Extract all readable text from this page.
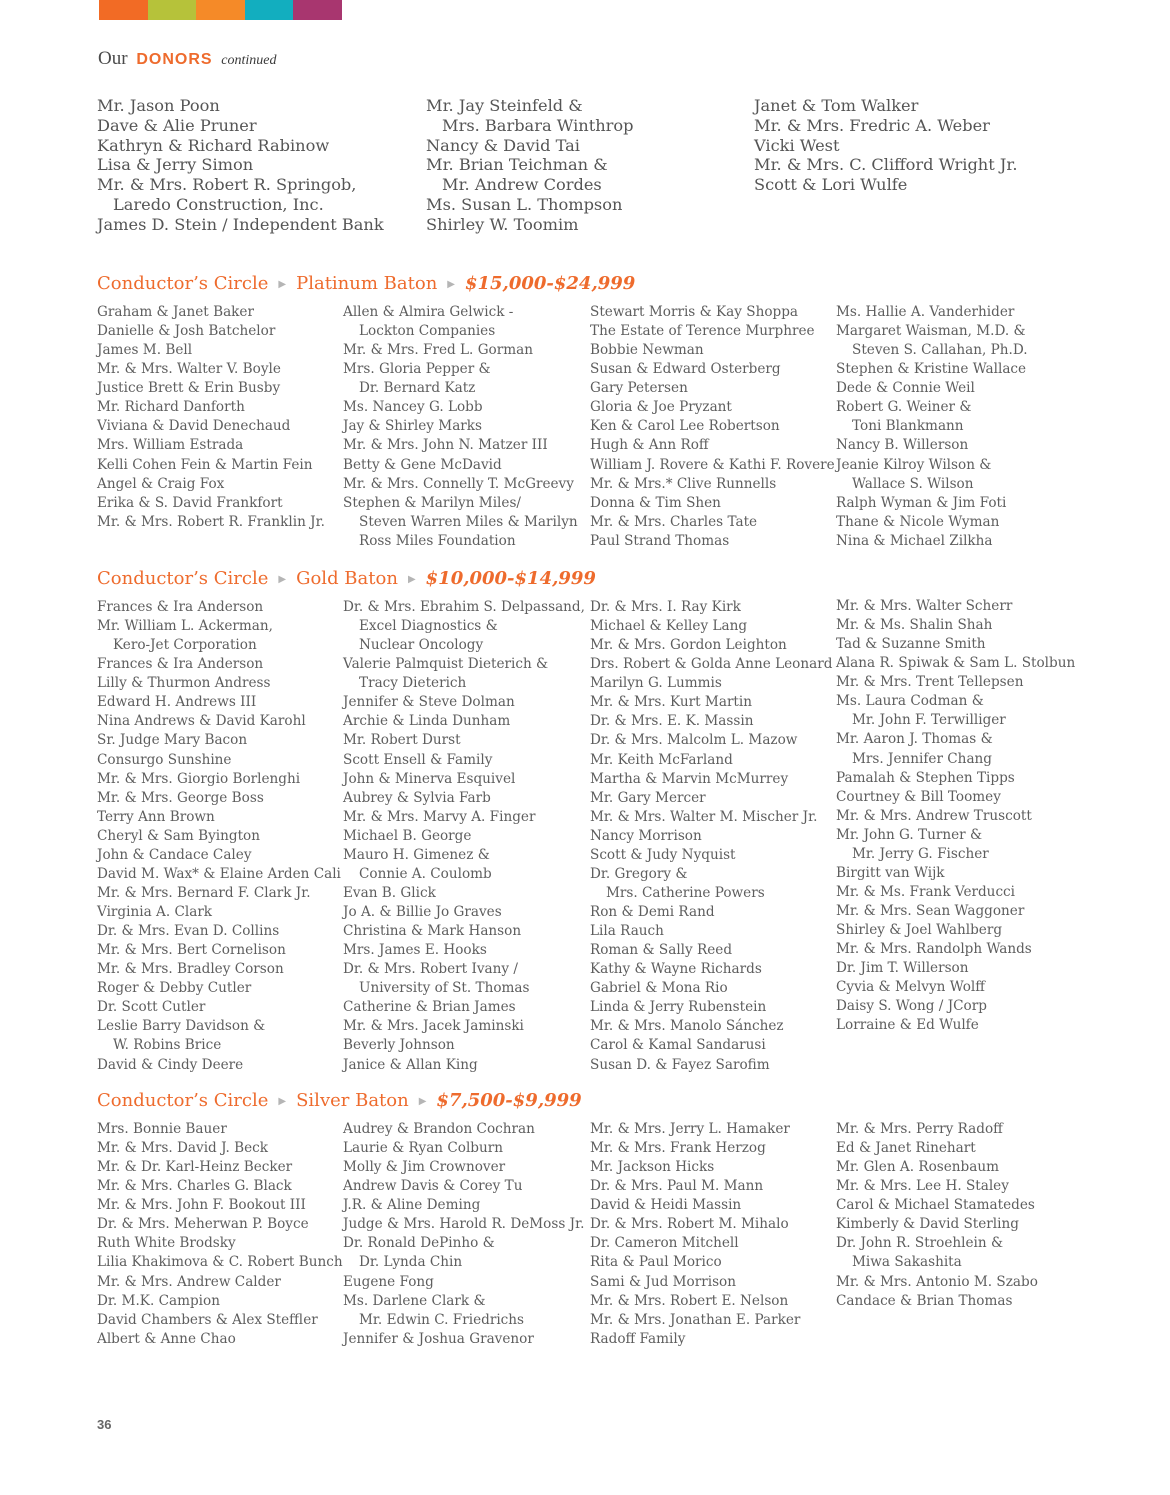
Our DONORS continued
Mr. Jason Poon
Dave & Alie Pruner
Kathryn & Richard Rabinow
Lisa & Jerry Simon
Mr. & Mrs. Robert R. Springob,
Laredo Construction, Inc.
James D. Stein / Independent Bank
Mr. Jay Steinfeld &
Mrs. Barbara Winthrop
Nancy & David Tai
Mr. Brian Teichman &
Mr. Andrew Cordes
Ms. Susan L. Thompson
Shirley W. Toomim
Janet & Tom Walker
Mr. & Mrs. Fredric A. Weber
Vicki West
Mr. & Mrs. C. Clifford Wright Jr.
Scott & Lori Wulfe
Conductor’s Circle ▶ Platinum Baton ▶ $15,000-$24,999
Graham & Janet Baker
Danielle & Josh Batchelor
James M. Bell
Mr. & Mrs. Walter V. Boyle
Justice Brett & Erin Busby
Mr. Richard Danforth
Viviana & David Denechaud
Mrs. William Estrada
Kelli Cohen Fein & Martin Fein
Angel & Craig Fox
Erika & S. David Frankfort
Mr. & Mrs. Robert R. Franklin Jr.
Allen & Almira Gelwick -
Lockton Companies
Mr. & Mrs. Fred L. Gorman
Mrs. Gloria Pepper &
Dr. Bernard Katz
Ms. Nancey G. Lobb
Jay & Shirley Marks
Mr. & Mrs. John N. Matzer III
Betty & Gene McDavid
Mr. & Mrs. Connelly T. McGreevy
Stephen & Marilyn Miles/
Steven Warren Miles & Marilyn
Ross Miles Foundation
Stewart Morris & Kay Shoppa
The Estate of Terence Murphree
Bobbie Newman
Susan & Edward Osterberg
Gary Petersen
Gloria & Joe Pryzant
Ken & Carol Lee Robertson
Hugh & Ann Roff
William J. Rovere & Kathi F. Rovere
Mr. & Mrs.* Clive Runnells
Donna & Tim Shen
Mr. & Mrs. Charles Tate
Paul Strand Thomas
Ms. Hallie A. Vanderhider
Margaret Waisman, M.D. &
Steven S. Callahan, Ph.D.
Stephen & Kristine Wallace
Dede & Connie Weil
Robert G. Weiner &
Toni Blankmann
Nancy B. Willerson
Jeanie Kilroy Wilson &
Wallace S. Wilson
Ralph Wyman & Jim Foti
Thane & Nicole Wyman
Nina & Michael Zilkha
Conductor’s Circle ▶ Gold Baton ▶ $10,000-$14,999
Frances & Ira Anderson
Mr. William L. Ackerman,
Kero-Jet Corporation
Frances & Ira Anderson
Lilly & Thurmon Andress
Edward H. Andrews III
Nina Andrews & David Karohl
Sr. Judge Mary Bacon
Consurgo Sunshine
Mr. & Mrs. Giorgio Borlenghi
Mr. & Mrs. George Boss
Terry Ann Brown
Cheryl & Sam Byington
John & Candace Caley
David M. Wax* & Elaine Arden Cali
Mr. & Mrs. Bernard F. Clark Jr.
Virginia A. Clark
Dr. & Mrs. Evan D. Collins
Mr. & Mrs. Bert Cornelison
Mr. & Mrs. Bradley Corson
Roger & Debby Cutler
Dr. Scott Cutler
Leslie Barry Davidson &
W. Robins Brice
David & Cindy Deere
Dr. & Mrs. Ebrahim S. Delpassand,
Excel Diagnostics &
Nuclear Oncology
Valerie Palmquist Dieterich &
Tracy Dieterich
Jennifer & Steve Dolman
Archie & Linda Dunham
Mr. Robert Durst
Scott Ensell & Family
John & Minerva Esquivel
Aubrey & Sylvia Farb
Mr. & Mrs. Marvy A. Finger
Michael B. George
Mauro H. Gimenez &
Connie A. Coulomb
Evan B. Glick
Jo A. & Billie Jo Graves
Christina & Mark Hanson
Mrs. James E. Hooks
Dr. & Mrs. Robert Ivany /
University of St. Thomas
Catherine & Brian James
Mr. & Mrs. Jacek Jaminski
Beverly Johnson
Janice & Allan King
Dr. & Mrs. I. Ray Kirk
Michael & Kelley Lang
Mr. & Mrs. Gordon Leighton
Drs. Robert & Golda Anne Leonard
Marilyn G. Lummis
Mr. & Mrs. Kurt Martin
Dr. & Mrs. E. K. Massin
Dr. & Mrs. Malcolm L. Mazow
Mr. Keith McFarland
Martha & Marvin McMurrey
Mr. Gary Mercer
Mr. & Mrs. Walter M. Mischer Jr.
Nancy Morrison
Scott & Judy Nyquist
Dr. Gregory &
Mrs. Catherine Powers
Ron & Demi Rand
Lila Rauch
Roman & Sally Reed
Kathy & Wayne Richards
Gabriel & Mona Rio
Linda & Jerry Rubenstein
Mr. & Mrs. Manolo Sánchez
Carol & Kamal Sandarusi
Susan D. & Fayez Sarofim
Mr. & Mrs. Walter Scherr
Mr. & Ms. Shalin Shah
Tad & Suzanne Smith
Alana R. Spiwak & Sam L. Stolbun
Mr. & Mrs. Trent Tellepsen
Ms. Laura Codman &
Mr. John F. Terwilliger
Mr. Aaron J. Thomas &
Mrs. Jennifer Chang
Pamalah & Stephen Tipps
Courtney & Bill Toomey
Mr. & Mrs. Andrew Truscott
Mr. John G. Turner &
Mr. Jerry G. Fischer
Birgitt van Wijk
Mr. & Ms. Frank Verducci
Mr. & Mrs. Sean Waggoner
Shirley & Joel Wahlberg
Mr. & Mrs. Randolph Wands
Dr. Jim T. Willerson
Cyvia & Melvyn Wolff
Daisy S. Wong / JCorp
Lorraine & Ed Wulfe
Conductor’s Circle ▶ Silver Baton ▶ $7,500-$9,999
Mrs. Bonnie Bauer
Mr. & Mrs. David J. Beck
Mr. & Dr. Karl-Heinz Becker
Mr. & Mrs. Charles G. Black
Mr. & Mrs. John F. Bookout III
Dr. & Mrs. Meherwan P. Boyce
Ruth White Brodsky
Lilia Khakimova & C. Robert Bunch
Mr. & Mrs. Andrew Calder
Dr. M.K. Campion
David Chambers & Alex Steffler
Albert & Anne Chao
Audrey & Brandon Cochran
Laurie & Ryan Colburn
Molly & Jim Crownover
Andrew Davis & Corey Tu
J.R. & Aline Deming
Judge & Mrs. Harold R. DeMoss Jr.
Dr. Ronald DePinho &
Dr. Lynda Chin
Eugene Fong
Ms. Darlene Clark &
Mr. Edwin C. Friedrichs
Jennifer & Joshua Gravenor
Mr. & Mrs. Jerry L. Hamaker
Mr. & Mrs. Frank Herzog
Mr. Jackson Hicks
Dr. & Mrs. Paul M. Mann
David & Heidi Massin
Dr. & Mrs. Robert M. Mihalo
Dr. Cameron Mitchell
Rita & Paul Morico
Sami & Jud Morrison
Mr. & Mrs. Robert E. Nelson
Mr. & Mrs. Jonathan E. Parker
Radoff Family
Mr. & Mrs. Perry Radoff
Ed & Janet Rinehart
Mr. Glen A. Rosenbaum
Mr. & Mrs. Lee H. Staley
Carol & Michael Stamatedes
Kimberly & David Sterling
Dr. John R. Stroehlein &
Miwa Sakashita
Mr. & Mrs. Antonio M. Szabo
Candace & Brian Thomas
36
